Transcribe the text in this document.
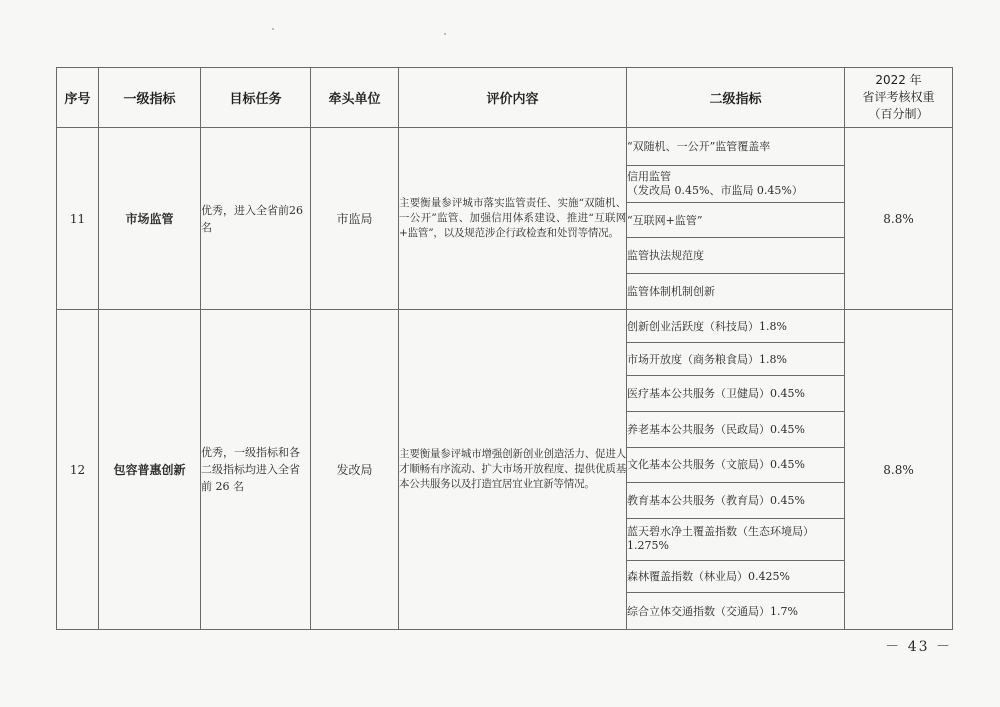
序号	一级指标	目标任务	牵头单位	评价内容	二级指标	2022 年
省评考核权重
（百分制）

11	市场监管	优秀，进入全省前26名	市监局	主要衡量参评城市落实监管责任、实施“双随机、一公开”监管、加强信用体系建设、推进“互联网+监管”，以及规范涉企行政检查和处罚等情况。	“双随机、一公开”监管覆盖率	8.8%

					信用监管
（发改局 0.45%、市监局 0.45%）	

					“互联网+监管”	
					监管执法规范度	
					监管体制机制创新	
12	包容普惠创新	优秀，一级指标和各二级指标均进入全省前 26 名	发改局	主要衡量参评城市增强创新创业创造活力、促进人才顺畅有序流动、扩大市场开放程度、提供优质基本公共服务以及打造宜居宜业宜新等情况。	创新创业活跃度（科技局）1.8%	8.8%
					市场开放度（商务粮食局）1.8%	
					医疗基本公共服务（卫健局）0.45%	
					养老基本公共服务（民政局）0.45%	
					文化基本公共服务（文旅局）0.45%	
					教育基本公共服务（教育局）0.45%	
					蓝天碧水净土覆盖指数（生态环境局）1.275%	
					森林覆盖指数（林业局）0.425%	
					综合立体交通指数（交通局）1.7%	
－ 43 －
